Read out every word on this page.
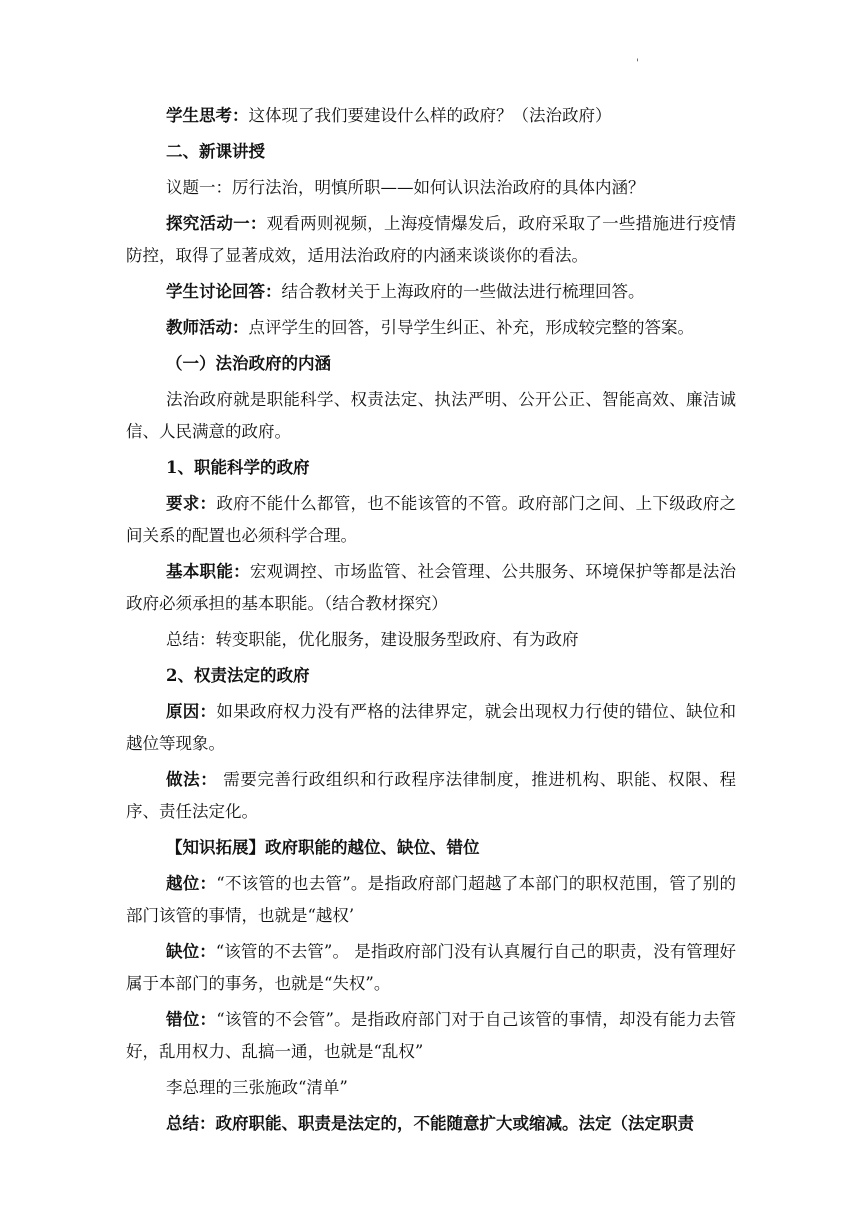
'

学生思考：这体现了我们要建设什么样的政府？（法治政府）

二、新课讲授

议题一：厉行法治，明慎所职——如何认识法治政府的具体内涵？

探究活动一：观看两则视频，上海疫情爆发后，政府采取了一些措施进行疫情防控，取得了显著成效，适用法治政府的内涵来谈谈你的看法。

学生讨论回答：结合教材关于上海政府的一些做法进行梳理回答。

教师活动：点评学生的回答，引导学生纠正、补充，形成较完整的答案。

（一）法治政府的内涵

法治政府就是职能科学、权责法定、执法严明、公开公正、智能高效、廉洁诚信、人民满意的政府。

1、职能科学的政府

要求：政府不能什么都管，也不能该管的不管。政府部门之间、上下级政府之间关系的配置也必须科学合理。

基本职能：宏观调控、市场监管、社会管理、公共服务、环境保护等都是法治政府必须承担的基本职能。（结合教材探究）

总结：转变职能，优化服务，建设服务型政府、有为政府

2、权责法定的政府

原因：如果政府权力没有严格的法律界定，就会出现权力行使的错位、缺位和越位等现象。

做法： 需要完善行政组织和行政程序法律制度，推进机构、职能、权限、程序、责任法定化。

【知识拓展】政府职能的越位、缺位、错位

越位：“不该管的也去管”。是指政府部门超越了本部门的职权范围，管了别的部门该管的事情，也就是“越权’

缺位：“该管的不去管”。 是指政府部门没有认真履行自己的职责，没有管理好属于本部门的事务，也就是“失权”。

错位：“该管的不会管”。是指政府部门对于自己该管的事情，却没有能力去管好，乱用权力、乱搞一通，也就是“乱权”

李总理的三张施政“清单”

总结：政府职能、职责是法定的，不能随意扩大或缩减。法定（法定职责
